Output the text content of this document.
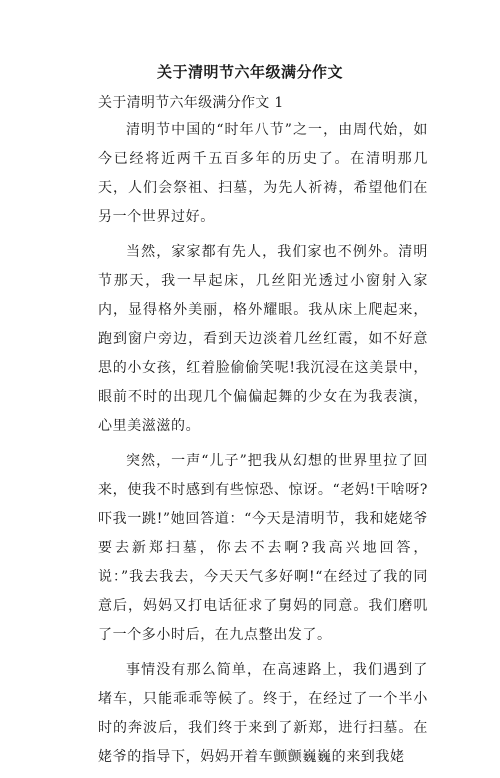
关于清明节六年级满分作文
关于清明节六年级满分作文 1

清明节中国的“时年八节”之一，由周代始，如今已经将近两千五百多年的历史了。在清明那几天，人们会祭祖、扫墓，为先人祈祷，希望他们在另一个世界过好。

当然，家家都有先人，我们家也不例外。清明节那天，我一早起床，几丝阳光透过小窗射入家内，显得格外美丽，格外耀眼。我从床上爬起来，跑到窗户旁边，看到天边淡着几丝红霞，如不好意思的小女孩，红着脸偷偷笑呢!我沉浸在这美景中，眼前不时的出现几个偏偏起舞的少女在为我表演，心里美滋滋的。

突然，一声“儿子”把我从幻想的世界里拉了回来，使我不时感到有些惊恐、惊讶。“老妈!干啥呀?吓我一跳!”她回答道：“今天是清明节，我和姥姥爷要去新郑扫墓，你去不去啊?我高兴地回答，说：”我去我去，今天天气多好啊!“在经过了我的同意后，妈妈又打电话征求了舅妈的同意。我们磨叽了一个多小时后，在九点整出发了。

事情没有那么简单，在高速路上，我们遇到了堵车，只能乖乖等候了。终于，在经过了一个半小时的奔波后，我们终于来到了新郑，进行扫墓。在姥爷的指导下，妈妈开着车颤颤巍巍的来到我姥
